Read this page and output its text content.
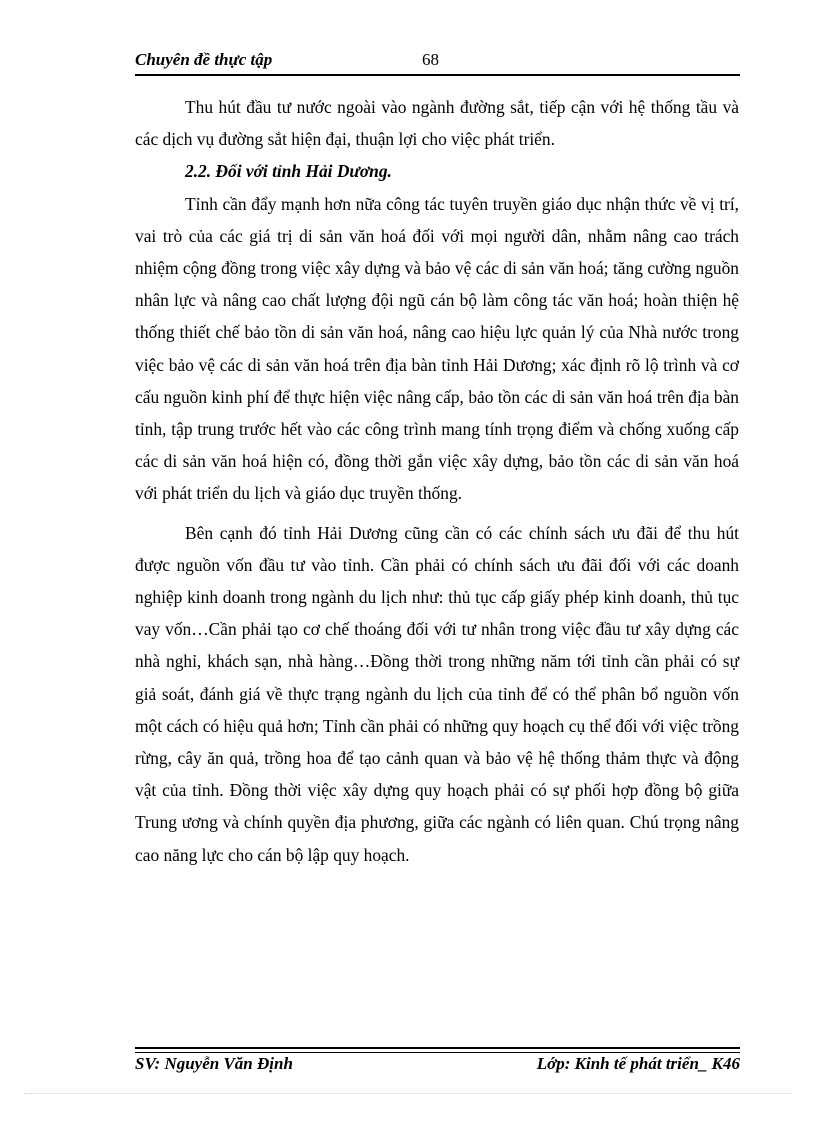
Chuyên đề thực tập	68

Thu hút đầu tư nước ngoài vào ngành đường sắt, tiếp cận với hệ thống tầu và các dịch vụ đường sắt hiện đại, thuận lợi cho việc phát triển.

2.2. Đối với tỉnh Hải Dương.

Tỉnh cần đẩy mạnh hơn nữa công tác tuyên truyền giáo dục nhận thức về vị trí, vai trò của các giá trị di sản văn hoá đối với mọi người dân, nhằm nâng cao trách nhiệm cộng đồng trong việc xây dựng và bảo vệ các di sản văn hoá; tăng cường nguồn nhân lực và nâng cao chất lượng đội ngũ cán bộ làm công tác văn hoá; hoàn thiện hệ thống thiết chế bảo tồn di sản văn hoá, nâng cao hiệu lực quản lý của Nhà nước trong việc bảo vệ các di sản văn hoá trên địa bàn tỉnh Hải Dương; xác định rõ lộ trình và cơ cấu nguồn kinh phí để thực hiện việc nâng cấp, bảo tồn các di sản văn hoá trên địa bàn tỉnh, tập trung trước hết vào các công trình mang tính trọng điểm và chống xuống cấp các di sản văn hoá hiện có, đồng thời gắn việc xây dựng, bảo tồn các di sản văn hoá với phát triển du lịch và giáo dục truyền thống.

Bên cạnh đó tỉnh Hải Dương cũng cần có các chính sách ưu đãi để thu hút được nguồn vốn đầu tư vào tỉnh. Cần phải có chính sách ưu đãi đối với các doanh nghiệp kinh doanh trong ngành du lịch như: thủ tục cấp giấy phép kinh doanh, thủ tục vay vốn…Cần phải tạo cơ chế thoáng đối với tư nhân trong việc đầu tư xây dựng các nhà nghỉ, khách sạn, nhà hàng…Đồng thời trong những năm tới tỉnh cần phải có sự giả soát, đánh giá về thực trạng ngành du lịch của tỉnh để có thể phân bổ nguồn vốn một cách có hiệu quả hơn; Tỉnh cần phải có những quy hoạch cụ thể đối với việc trồng rừng, cây ăn quả, trồng hoa để tạo cảnh quan và bảo vệ hệ thống thảm thực và động vật của tỉnh. Đồng thời việc xây dựng quy hoạch phải có sự phối hợp đồng bộ giữa Trung ương và chính quyền địa phương, giữa các ngành có liên quan. Chú trọng nâng cao năng lực cho cán bộ lập quy hoạch.

SV: Nguyễn Văn Định	Lớp: Kinh tế phát triển_ K46
